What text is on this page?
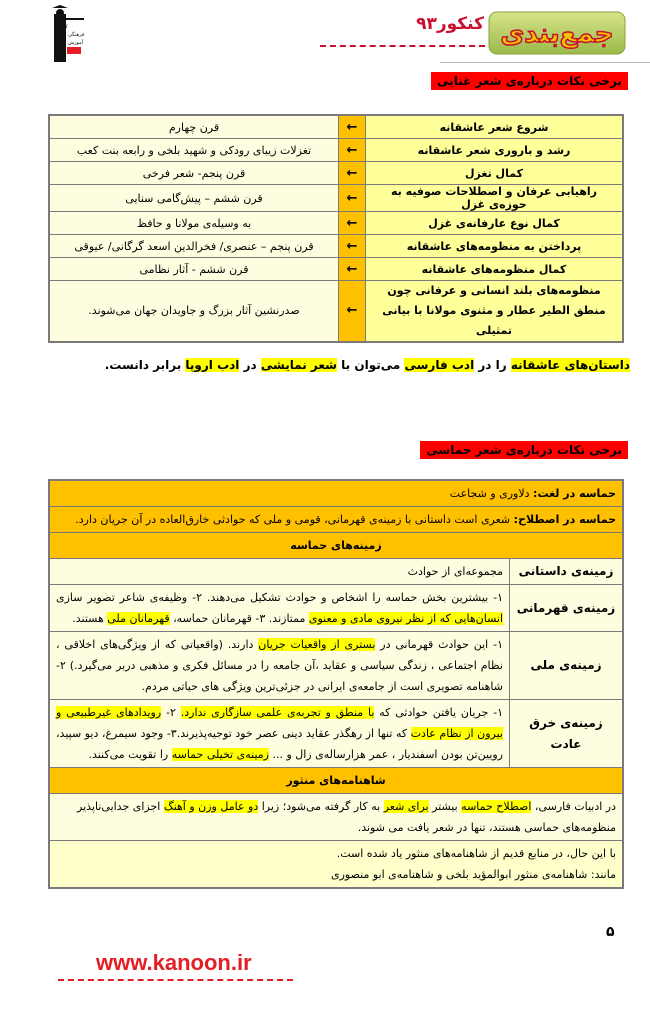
کانون
فرهنگی
آموزش	جمع‌بندی
کنکور۹۳
برخی نکات درباره‌ی شعر غنایی
شروع شعر عاشقانه	←	قرن چهارم
رشد و باروری شعر عاشقانه	←	تغزلات زیبای رودکی و شهید بلخی و رابعه بنت کعب
کمال تغزل	←	قرن پنجم- شعر فرخی
راهیابی عرفان و اصطلاحات صوفیه به حوزه‌ی غزل	←	قرن ششم – پیش‌گامی سنایی
کمال نوع عارفانه‌ی غزل	←	به وسیله‌ی مولانا و حافظ
پرداختن به منظومه‌های عاشقانه	←	قرن پنجم – عنصری/ فخرالدین اسعد گرگانی/ عیوقی
کمال منظومه‌های عاشقانه	←	قرن ششم - آثار نظامی
منظومه‌های بلند انسانی و عرفانی چون منطق الطیر عطار و مثنوی مولانا با بیانی تمثیلی	←	صدرنشین آثار بزرگ و جاویدان جهان می‌شوند.
داستان‌های عاشقانه را در ادب فارسی می‌توان با شعر نمایشی در ادب اروپا برابر دانست.
برخی نکات درباره‌ی شعر حماسی
حماسه در لغت: دلاوری و شجاعت	
حماسه در اصطلاح: شعری است داستانی با زمینه‌ی قهرمانی، قومی و ملی که حوادثی خارق‌العاده در آن جریان دارد.	
زمینه‌های حماسه	
زمینه‌ی داستانی	مجموعه‌ای از حوادث
زمینه‌ی قهرمانی	۱- بیشترین بخش حماسه را اشخاص و حوادث تشکیل می‌دهند. ۲- وظیفه‌ی شاعر تصویر سازی انسان‌هایی که از نظر نیروی مادی و معنوی ممتازند. ۳- قهرمانان حماسه، قهرمانان ملی هستند.
زمینه‌ی ملی	۱- این حوادث قهرمانی در بستری از واقعیات جریان دارند. (واقعیاتی که از ویژگی‌های اخلاقی ، نظام اجتماعی ، زندگی سیاسی و عقاید ،آن جامعه را در مسائل فکری و مذهبی دربر می‌گیرد.) ۲- شاهنامه تصویری است از جامعه‌ی ایرانی در جزئی‌ترین ویژگی های حیاتی مردم.
زمینه‌ی خرق عادت	۱- جریان یافتن حوادثی که با منطق و تجربه‌ی علمی سازگاری ندارد. ۲- رویدادهای غیرطبیعی و بیرون از نظام عادت که تنها از رهگذر عقاید دینی عصر خود توجیه‌پذیرند.۳- وجود سیمرغ، دیو سپید، رویین‌تن بودن اسفندیار ، عمر هزارساله‌ی زال و ... زمینه‌ی تخیلی حماسه را تقویت می‌کنند.
شاهنامه‌های منثور	
در ادبیات فارسی، اصطلاح حماسه بیشتر برای شعر به کار گرفته می‌شود؛ زیرا دو عامل وزن و آهنگ اجزای جدایی‌ناپذیر منظومه‌های حماسی هستند، تنها در شعر یافت می شوند.	

با این حال، در منابع قدیم از شاهنامه‌های منثور یاد شده است.
مانند: شاهنامه‌ی منثور ابوالمؤید بلخی و شاهنامه‌ی ابو منصوری	
۵
www.kanoon.ir
